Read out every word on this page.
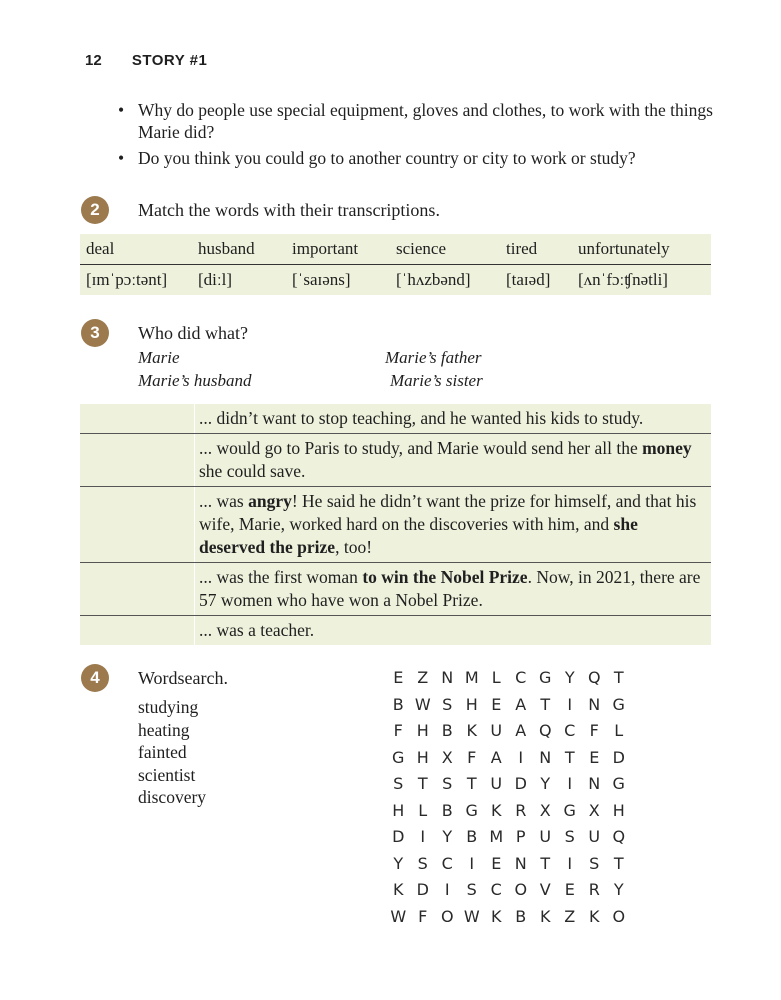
12 STORY #1
• Why do people use special equipment, gloves and clothes, to work with the things Marie did?
• Do you think you could go to another country or city to work or study?
2	Match the words with their transcriptions.
deal	husband	important	science	tired	unfortunately
[ɪmˈpɔːtənt]	[diːl]	[ˈsaɪəns]	[ˈhʌzbənd]	[taɪəd]	[ʌnˈfɔːʧnətli]
3	Who did what?
Marie	Marie’s father
Marie’s husband	Marie’s sister
... didn’t want to stop teaching, and he wanted his kids to study.
... would go to Paris to study, and Marie would send her all the money she could save.
... was angry! He said he didn’t want the prize for himself, and that his wife, Marie, worked hard on the discoveries with him, and she deserved the prize, too!
... was the first woman to win the Nobel Prize. Now, in 2021, there are 57 women who have won a Nobel Prize.
... was a teacher.
4	Wordsearch.
studying
heating
fainted
scientist
discovery
E Z N M L C G Y Q T
B W S H E A T	I	N G
F H B K U A Q C F L
G H X F A	I	N T E D
S T S T U D Y	I	N G
H L B G K R X G X H
D I	Y B M P U S U Q
Y S C	I	E N T	I	S T
K D I	S C O V E R Y
W F O W K B K Z K O
